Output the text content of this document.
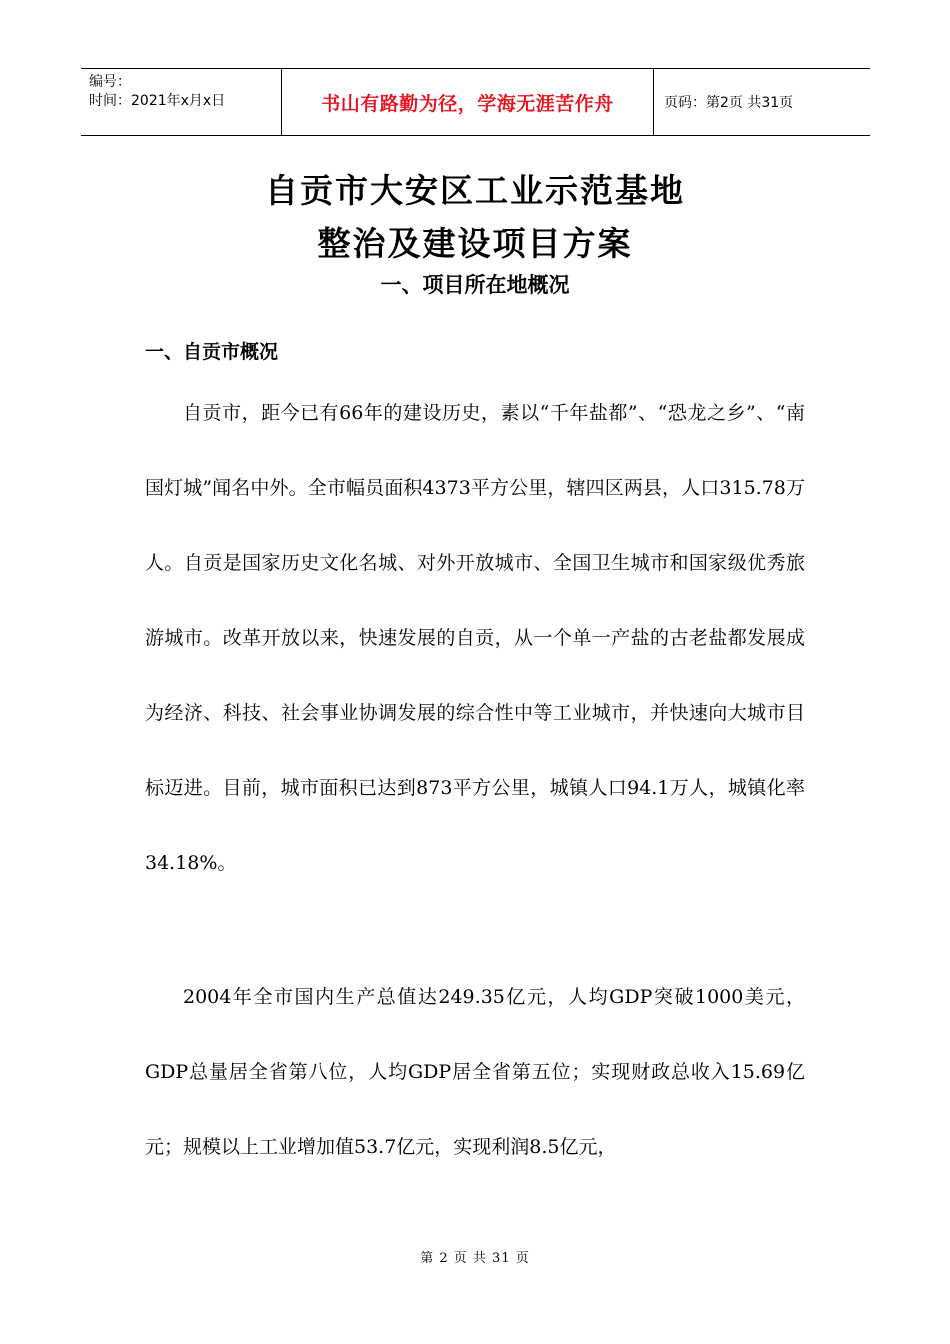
编号：
时间：2021年x月x日	书山有路勤为径，学海无涯苦作舟	页码：第2页 共31页
自贡市大安区工业示范基地
整治及建设项目方案
一、项目所在地概况
一、自贡市概况
自贡市，距今已有66年的建设历史，素以“千年盐都”、“恐龙之乡”、“南国灯城”闻名中外。全市幅员面积4373平方公里，辖四区两县，人口315.78万人。自贡是国家历史文化名城、对外开放城市、全国卫生城市和国家级优秀旅游城市。改革开放以来，快速发展的自贡，从一个单一产盐的古老盐都发展成为经济、科技、社会事业协调发展的综合性中等工业城市，并快速向大城市目标迈进。目前，城市面积已达到873平方公里，城镇人口94.1万人，城镇化率34.18%。
2004年全市国内生产总值达249.35亿元，人均GDP突破1000美元，GDP总量居全省第八位，人均GDP居全省第五位；实现财政总收入15.69亿元；规模以上工业增加值53.7亿元，实现利润8.5亿元，
第 2 页 共 31 页
